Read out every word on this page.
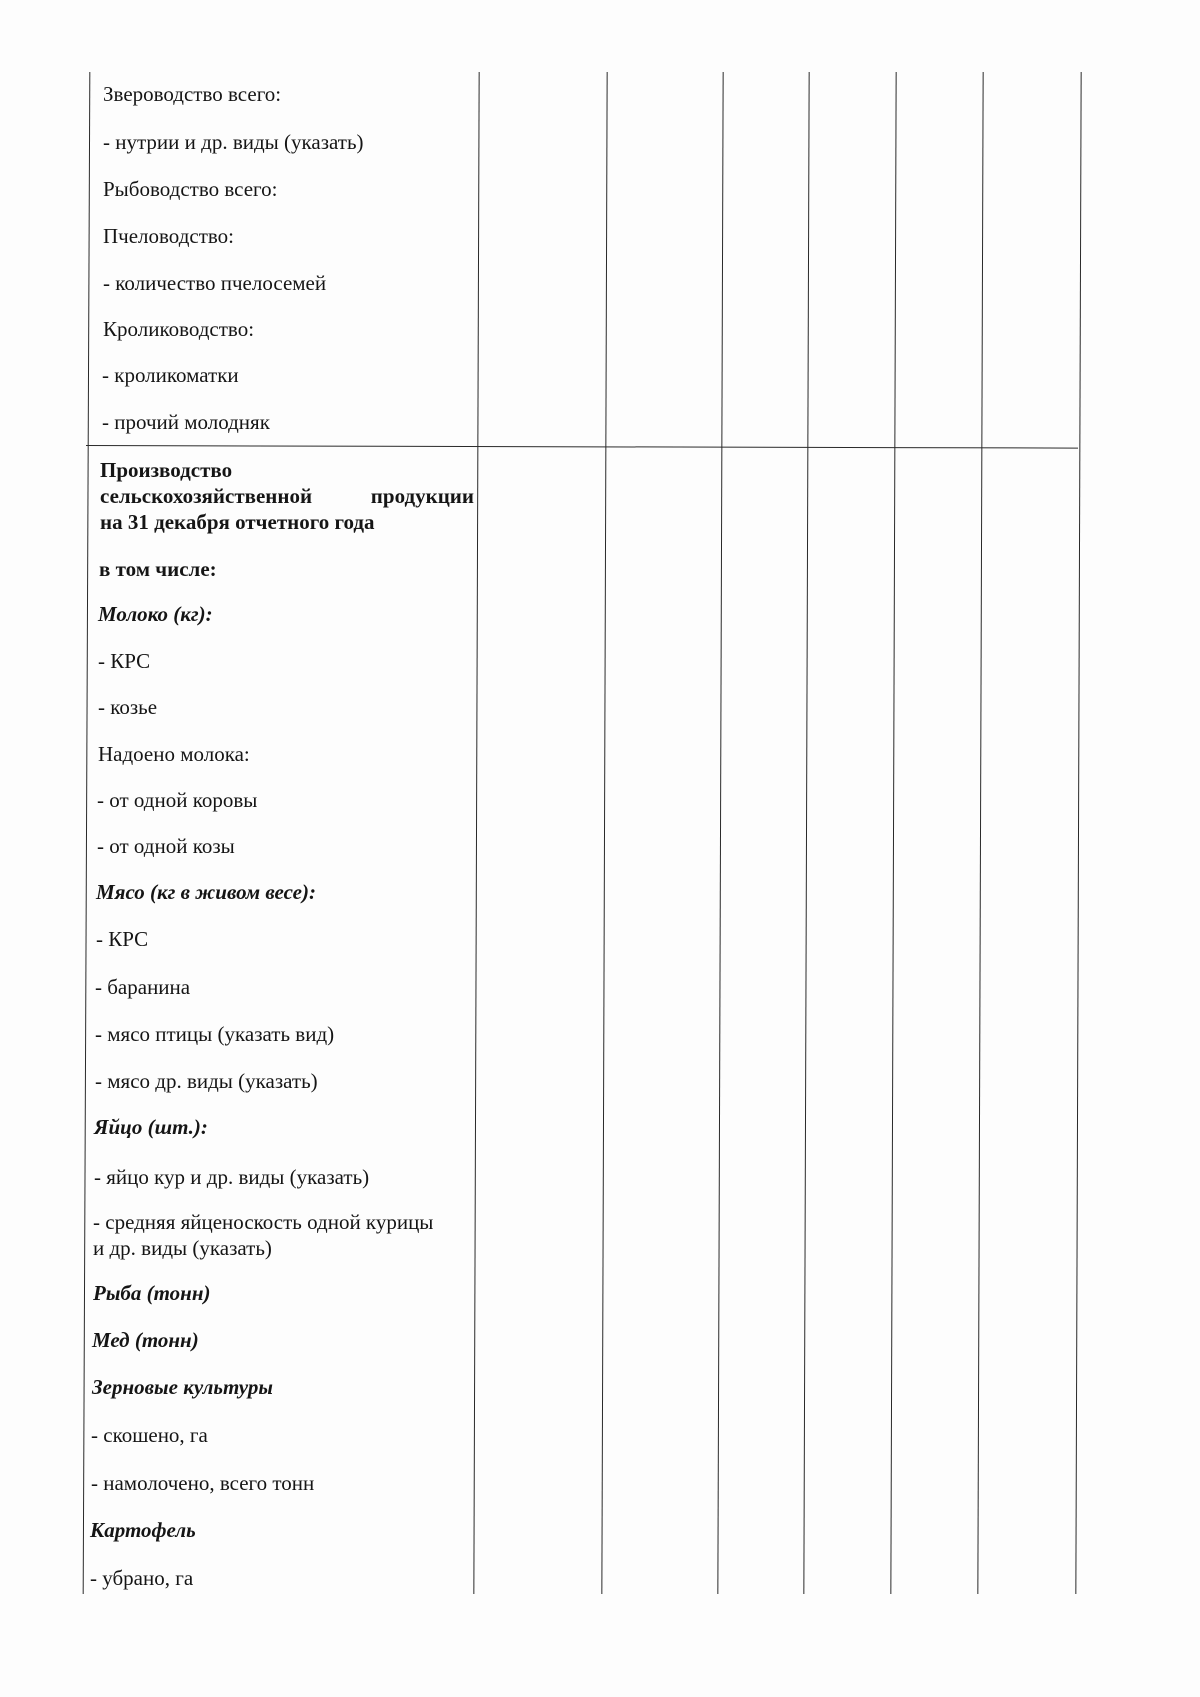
Звероводство всего:
- нутрии и др. виды (указать)
Рыбоводство всего:
Пчеловодство:
- количество пчелосемей
Кролиководство:
- кроликоматки
- прочий молодняк
Производство
сельскохозяйственной	продукции
на 31 декабря отчетного года
в том числе:
Молоко (кг):
- КРС
- козье
Надоено молока:
- от одной коровы
- от одной козы
Мясо (кг в живом весе):
- КРС
- баранина
- мясо птицы (указать вид)
- мясо др. виды (указать)
Яйцо (шт.):
- яйцо кур и др. виды (указать)
- средняя яйценоскость одной курицы
и др. виды (указать)
Рыба (тонн)
Мед (тонн)
Зерновые культуры
- скошено, га
- намолочено, всего тонн
Картофель
- убрано, га
